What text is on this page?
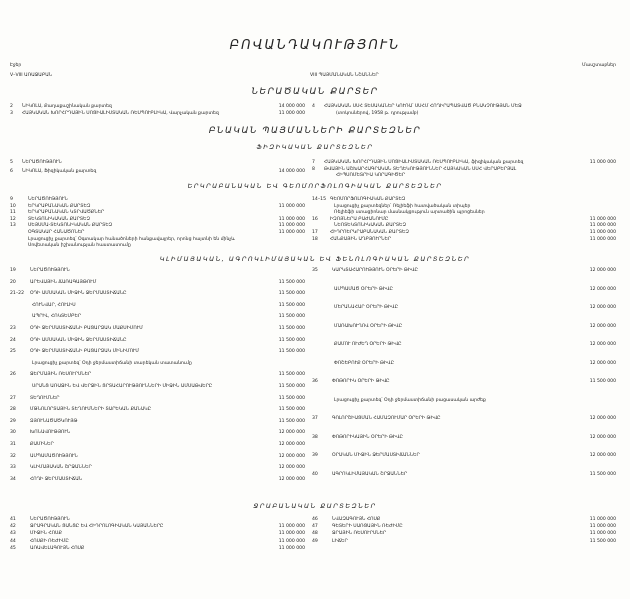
ԲՈՎԱՆԴԱԿՈՒԹՅՈՒՆ
Էջեր
V–VIII ԱՌԱՋԱԲԱՆ	VIII ՊԱՅՄԱՆԱԿԱՆ ՆՇԱՆՆԵՐ
Մասշտաբներ
ՆԵՐԱԾԱԿԱՆ ՔԱՐՏԵՐ
2 ՆԻԿՈԼԱ, Քաղաքաշինական քարտեզ	14 000 000
3 ՀԱՅԿԱԿԱՆ ԽՈՐՀՐԴԱՅԻՆ ՍՈՑԻԱԼԻՍՏԱԿԱՆ ՌԵՍՊՈՒԲԼԻԿԱ, Վարչական քարտեզ	11 000 000
4 ՀԱՅԿԱԿԱՆ ՍՍՀ ՏԵՍԱԿԱՆԵՐ ԿՈՒՌԱ՝ ՍՍՀՄ ՀՈՂԻՐԱՊԱՏՎԱԾ ԲՆԱԿՉՈՒԹՅԱՆ ՄԵՋ
(տոկոսներով, 1958 թ. դրությամբ)
ԲՆԱԿԱՆ ՊԱՅՄԱՆՆԵՐԻ ՔԱՐՏԵԶՆԵՐ
ՖԻԶԻԿԱԿԱՆ ՔԱՐՏԵԶՆԵՐ
5 ՆԵՐԱԾՈՒԹՅՈՒՆ
6 ՆԻԿՈԼԱ, Ֆիզիկական քարտեզ	14 000 000
7 ՀԱՅԿԱԿԱՆ ԽՈՐՀՐԴԱՅԻՆ ՍՈՑԻԱԼԻՍՏԱԿԱՆ ՌԵՍՊՈՒԲԼԻԿԱ, ֆիզիկական քարտեզ	11 000 000
8 ԹՎԱՅԻՆ ԱՇԽԱՐՀԱԳՐԱԿԱՆ ՏԵՂԵԿՈՒԹՅՈՒՆՆԵՐ ՀԱՅԿԱԿԱՆ ՍՍՀ ՎԵՐԱԲԵՐՅԱԼ
ՀԻՊՍՈՄԵՏՐԻԱ ԿՈՐԱԳԻԾԵՐ
ԵՐԿՐԱԲԱՆԱԿԱՆ ԵՎ ԳԵՈՄՈՐՖՈԼՈԳԻԱԿԱՆ ՔԱՐՏԵԶՆԵՐ
9	ՆԵՐԱԾՈՒԹՅՈՒՆ
10	ԵՐԿՐԱԲԱՆԱԿԱՆ ՔԱՐՏԵԶ	11 000 000
11	ԵՐԿՐԱԲԱՆԱԿԱՆ ԿՏՐՎԱԾՔՆԵՐ
12	ՏԵԿՏՈՆԻԿԱԿԱՆ ՔԱՐՏԵԶ	11 000 000
13	ՍԵՅՍՄԱ-ՏԵԿՏՈՆԻԿԱԿԱՆ ՔԱՐՏԵԶ	11 000 000
ՕԳՏԱԿԱՐ ՀԱՆԱԾՈՆԵՐ	11 000 000
Լրացուցիչ քարտեզ՝ Օգտակար հանածոների հանքավայրեր, որոնց հայտնի են մինչև
Սովետական իշխանության հաստատումը
14–15 ԳԵՈՄՈՐՖՈԼՈԳԻԱԿԱՆ ՔԱՐՏԵԶ
Լրացուցիչ քարտեզներ՝ Ռելիեֆի հատվածական տիպեր
Ռելիեֆի ստացիոնար մասնակցություն արտածին պրոցեսներ
16	ԻԶՈՅՆԵՐԱ ԲԱԺԱՆՈՒՄԸ	11 000 000
ՆԵՈՏԵԿՏՈՆԻԿԱԿԱՆ ՔԱՐՏԵԶ	11 000 000
17	ՀԻԴՐՈԵՐԿՐԱԲԱՆԱԿԱՆ ՔԱՐՏԵԶ	11 000 000
18	ՀԱՆՔԱՅԻՆ ԱՂԲՅՈՒՐՆԵՐ	11 000 000
ԿԼԻՄԱՅԱԿԱՆ, ԱԳՐՈԿԼԻՄԱՅԱԿԱՆ ԵՎ ՖԵՆՈԼՈԳԻԱԿԱՆ ՔԱՐՏԵԶՆԵՐ
19	ՆԵՐԱԾՈՒԹՅՈՒՆ
20	ԱՐԵՎԱՅԻՆ ՃԱՌԱԳԱՅԹՈՒՄ	11 500 000
21–22 ՕԴԻ ԱՄՍԱԿԱՆ ՄԻՋԻՆ ՋԵՐՄԱՍՏԻՃԱՆԸ	11 500 000
ՀՈՒՆՎԱՐ, ՀՈՒԼԻՍ	11 500 000
ԱՊՐԻԼ, ՀՈԿՏԵՄԲԵՐ	11 500 000
23	ՕԴԻ ՋԵՐՄԱՍՏԻՃԱՆԻ ԲԱՑԱՐՁԱԿ ՄԱՔՍԻՄՈՒՄ	11 500 000
24	ՕԴԻ ԱՄՍԱԿԱՆ ՄԻՋԻՆ ՋԵՐՄԱՍՏԻՃԱՆԸ	11 500 000
25	ՕԴԻ ՋԵՐՄԱՍՏԻՃԱՆԻ ԲԱՑԱՐՁԱԿ ՄԻՆԻՄՈՒՄ	11 500 000
Լրացուցիչ քարտեզ՝ Օդի ջերմաստիճանի տարեկան տատանումը
26	ՋԵՐՄԱՅԻՆ ՌԵՍՈՒՐՍՆԵՐ	11 500 000
ՍՐԱՆՑ ԱՌԱՋԻՆ ԵՎ ՎԵՐՋԻՆ ՑՐՏԱՀԱՐՈՒԹՅՈՒՆՆԵՐԻ ՄԻՋԻՆ ԱՄՍԱԹՎԵՐԸ	11 500 000
27	ՏԵՂՈՒՄՆԵՐ	11 500 000
28	ՄԹՆՈԼՈՐՏԱՅԻՆ ՏԵՂՈՒՄՆԵՐԻ ՏԱՐԵԿԱՆ ՔԱՆԱԿԸ	11 500 000
29	ՁՅՈՒՆԱԾԱԾԿՈՒՅԹ	11 500 000
30	ԽՈՆԱՎՈՒԹՅՈՒՆ	12 000 000
31	ՔԱՄԻՆԵՐ	12 000 000
32	ԱՄՊԱՄԱԾՈՒԹՅՈՒՆ	12 000 000
33	ԿԼԻՄԱՅԱԿԱՆ ՇՐՋԱՆՆԵՐ	12 000 000
34	ՀՈՂԻ ՋԵՐՄԱՍՏԻՃԱՆ	12 000 000
35	ԿԱՐԿՏԱՀԱՐՈՒԹՅՈՒՆ ՕՐԵՐԻ ԹԻՎԸ	12 000 000
ԱՄՊԱՄԱԾ ՕՐԵՐԻ ԹԻՎԸ	12 000 000
ՄԵՐԱՆԱՀԱՐ ՕՐԵՐԻ ԹԻՎԸ	12 000 000
ՄԱՌԱԽՈՒՂՈՎ ՕՐԵՐԻ ԹԻՎԸ	12 000 000
ՔԱՄՈՒ ՈՒԺԵՂ ՕՐԵՐԻ ԹԻՎԸ	12 000 000
ՓՈՇԵԲՈՒՔ ՕՐԵՐԻ ԹԻՎԸ	12 000 000
36	ՓՈԹՈՐԻԿ ՕՐԵՐԻ ԹԻՎԸ	11 500 000
Լրացուցիչ քարտեզ՝ Օդի ջերմաստիճանի բացասական արժեք
37	ԳՈԼՈՐՇԻԱՑՄԱՆ ՀԱՄԱԶՈՒՄԱՐ ՕՐԵՐԻ ԹԻՎԸ	12 000 000
38	ՓՈԹՈՐԻԿԱՅԻՆ ՕՐԵՐԻ ԹԻՎԸ	12 000 000
39	ՕՐԱԿԱՆ ՄԻՋԻՆ ՋԵՐՄԱՍՏԻՃԱՆՆԵՐ	12 000 000
40	ԱԳՐՈԿԼԻՄԱՅԱԿԱՆ ՇՐՋԱՆՆԵՐ	11 500 000
ՋՐԱԲԱՆԱԿԱՆ ՔԱՐՏԵԶՆԵՐ
41	ՆԵՐԱԾՈՒԹՅՈՒՆ
42	ՋՐԱԳՐԱԿԱՆ ՑԱՆՑԸ ԵՎ ՀԻԴՐՈԼՈԳԻԱԿԱՆ ԿԱՅԱՆՆԵՐԸ	11 000 000
43	ՄԻՋԻՆ ՀՈՍՔ	11 000 000
44	ՀՈՍՔԻ ՌԵԺԻՄԸ	11 000 000
45	ԱՌԱՎԵԼԱԳՈՒՅՆ ՀՈՍՔ	11 000 000
46	ՆՎԱԶԱԳՈՒՅՆ ՀՈՍՔ	11 000 000
47	ԳԵՏԵՐԻ ՍԱՌՑԱՅԻՆ ՌԵԺԻՄԸ	11 000 000
48	ՋՐԱՅԻՆ ՌԵՍՈՒՐՍՆԵՐ	11 000 000
49	ԼԻՃԵՐ	11 500 000
